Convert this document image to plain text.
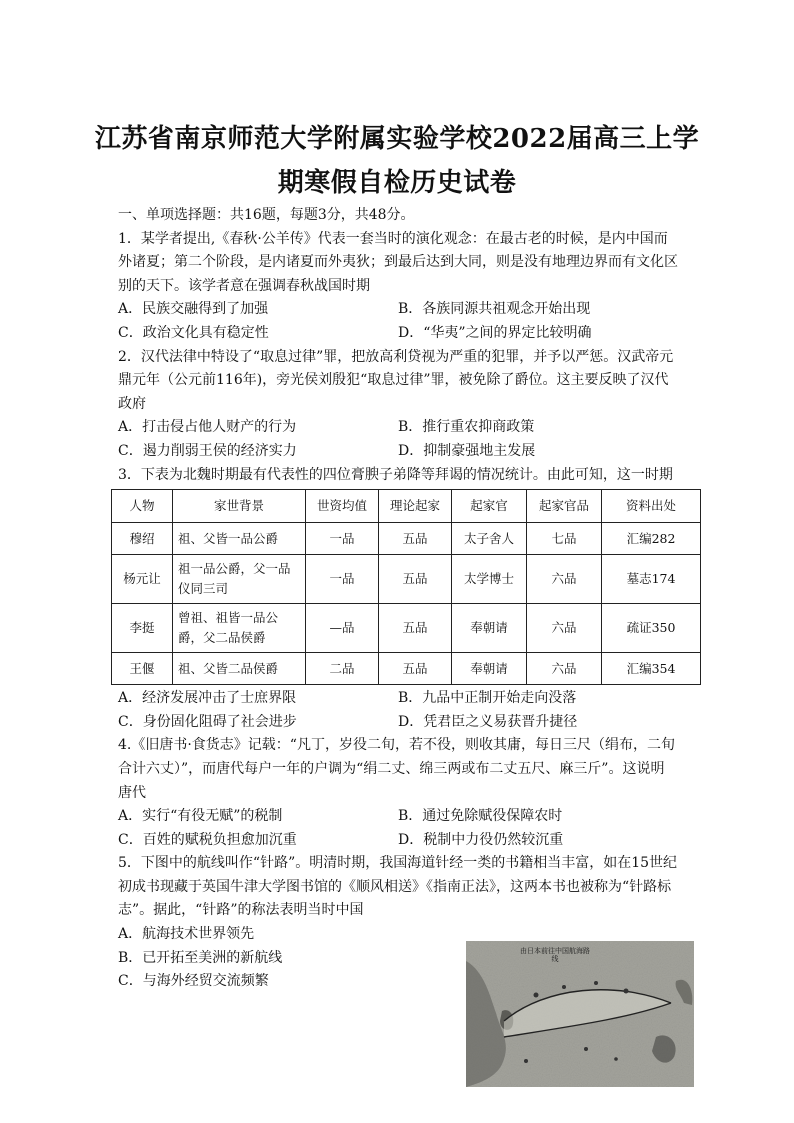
江苏省南京师范大学附属实验学校2022届高三上学
期寒假自检历史试卷
一、单项选择题：共16题，每题3分，共48分。

1．某学者提出,《春秋·公羊传》代表一套当时的演化观念：在最古老的时候，是内中国而外诸夏；第二个阶段，是内诸夏而外夷狄；到最后达到大同，则是没有地理边界而有文化区别的天下。该学者意在强调春秋战国时期

A．民族交融得到了加强	B．各族同源共祖观念开始出现
C．政治文化具有稳定性	D．“华夷”之间的界定比较明确

2．汉代法律中特设了“取息过律”罪，把放高利贷视为严重的犯罪，并予以严惩。汉武帝元鼎元年（公元前116年)，旁光侯刘殷犯“取息过律”罪，被免除了爵位。这主要反映了汉代政府

A．打击侵占他人财产的行为	B．推行重农抑商政策
C．遏力削弱王侯的经济实力	D．抑制豪强地主发展

3．下表为北魏时期最有代表性的四位膏腴子弟降等拜谒的情况统计。由此可知，这一时期

人物	家世背景	世资均值	理论起家	起家官	起家官品	资料出处
穆绍	祖、父皆一品公爵	一品	五品	太子舍人	七品	汇编282
杨元让	祖一品公爵，父一品仪同三司	一品	五品	太学博士	六品	墓志174
李挺	曾祖、祖皆一品公爵，父二品侯爵	—品	五品	奉朝请	六品	疏证350
王偃	祖、父皆二品侯爵	二品	五品	奉朝请	六品	汇编354
A．经济发展冲击了士庶界限	B．九品中正制开始走向没落
C．身份固化阻碍了社会进步	D．凭君臣之义易获晋升捷径

4.《旧唐书·食货志》记载：“凡丁，岁役二旬，若不役，则收其庸，每日三尺（绢布，二旬合计六丈）”，而唐代每户一年的户调为“绢二丈、绵三两或布二丈五尺、麻三斤”。这说明唐代

A．实行“有役无赋”的税制	B．通过免除赋役保障农时
C．百姓的赋税负担愈加沉重	D．税制中力役仍然较沉重

5．下图中的航线叫作“针路”。明清时期，我国海道针经一类的书籍相当丰富，如在15世纪初成书现藏于英国牛津大学图书馆的《顺风相送》《指南正法》，这两本书也被称为“针路标志”。据此，“针路”的称法表明当时中国

A．航海技术世界领先
B．已开拓至美洲的新航线
C．与海外经贸交流频繁
由日本前往中国航海路线
